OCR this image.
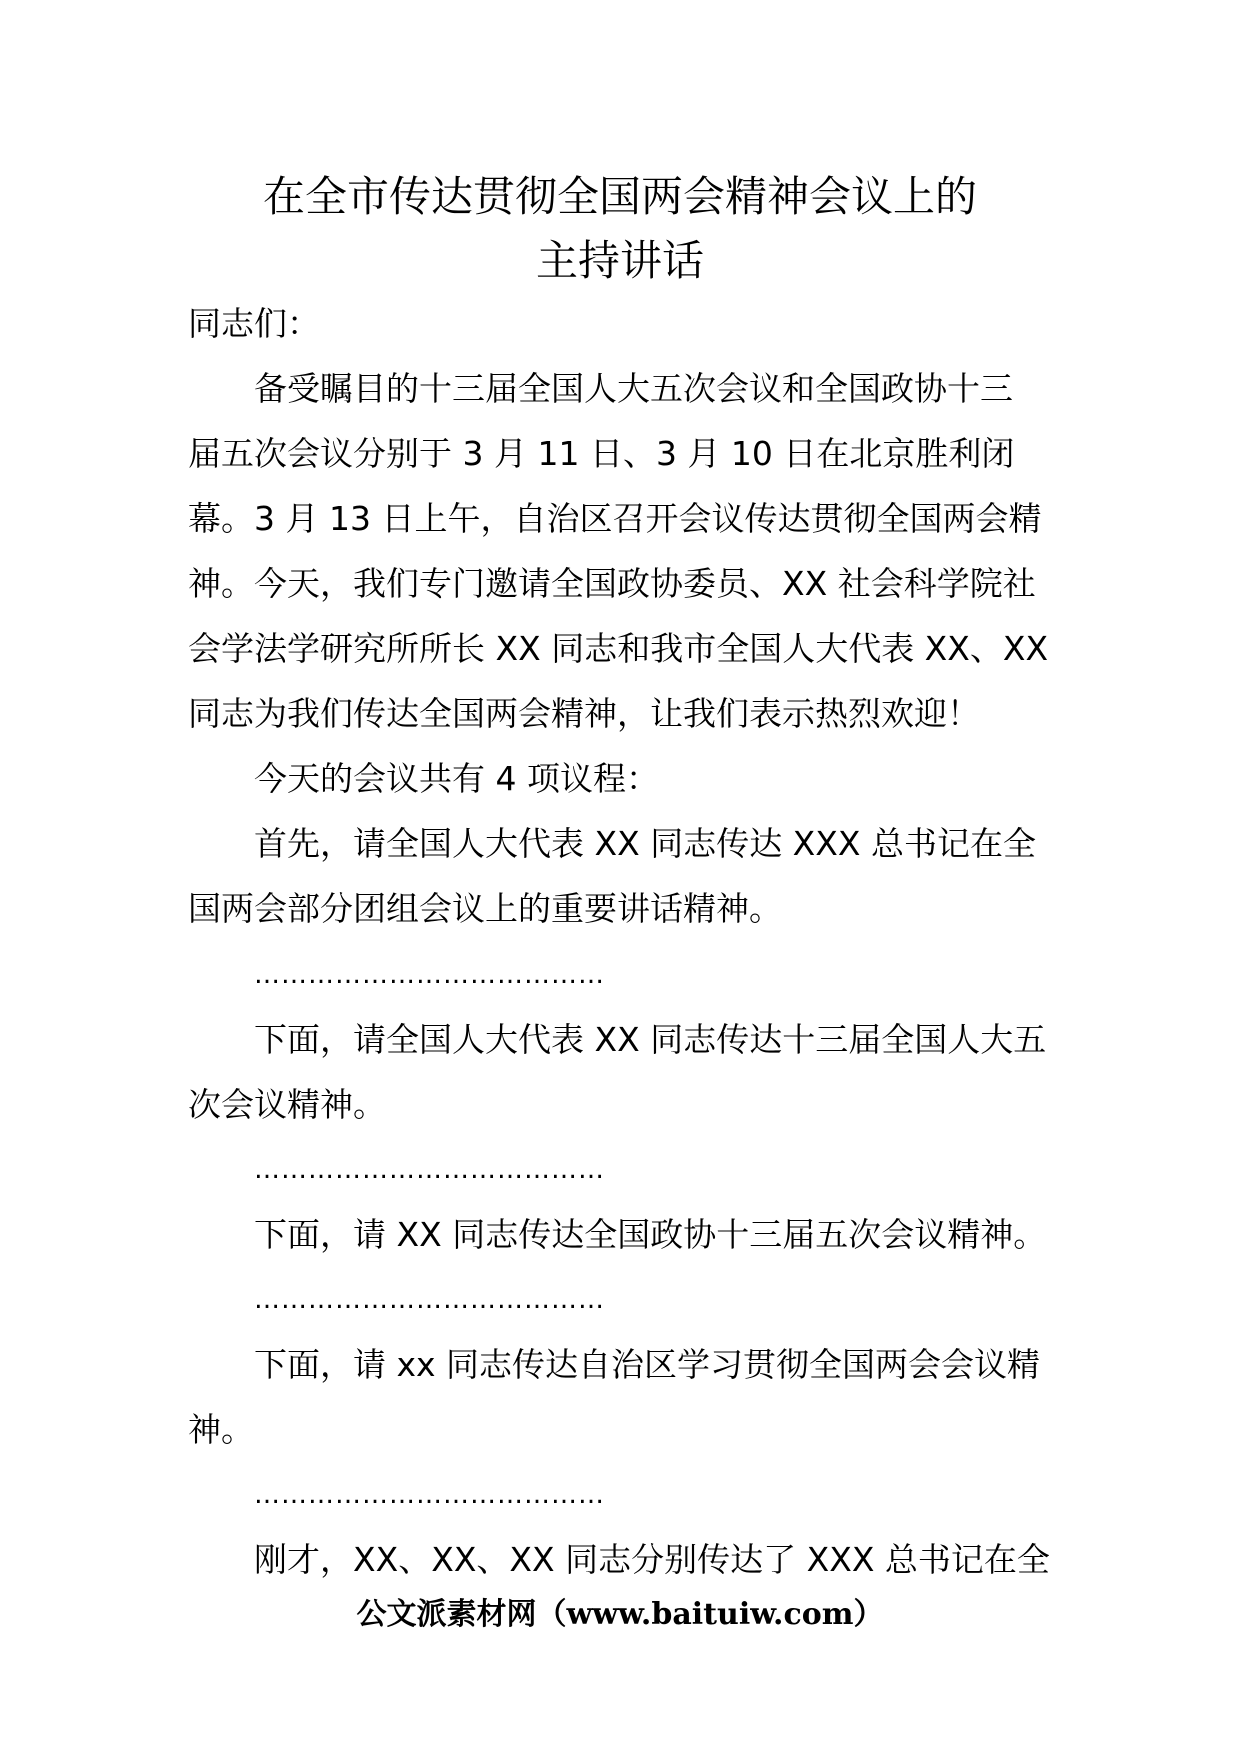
在全市传达贯彻全国两会精神会议上的
主持讲话
同志们：
备受瞩目的十三届全国人大五次会议和全国政协十三
届五次会议分别于 3 月 11 日、3 月 10 日在北京胜利闭
幕。3 月 13 日上午，自治区召开会议传达贯彻全国两会精
神。今天，我们专门邀请全国政协委员、XX 社会科学院社
会学法学研究所所长 XX 同志和我市全国人大代表 XX、XX
同志为我们传达全国两会精神，让我们表示热烈欢迎！
今天的会议共有 4 项议程：
首先，请全国人大代表 XX 同志传达 XXX 总书记在全
国两会部分团组会议上的重要讲话精神。
…………………………………
下面，请全国人大代表 XX 同志传达十三届全国人大五
次会议精神。
…………………………………
下面，请 XX 同志传达全国政协十三届五次会议精神。
…………………………………
下面，请 xx 同志传达自治区学习贯彻全国两会会议精
神。
…………………………………
刚才，XX、XX、XX 同志分别传达了 XXX 总书记在全
公文派素材网（www.baituiw.com）
